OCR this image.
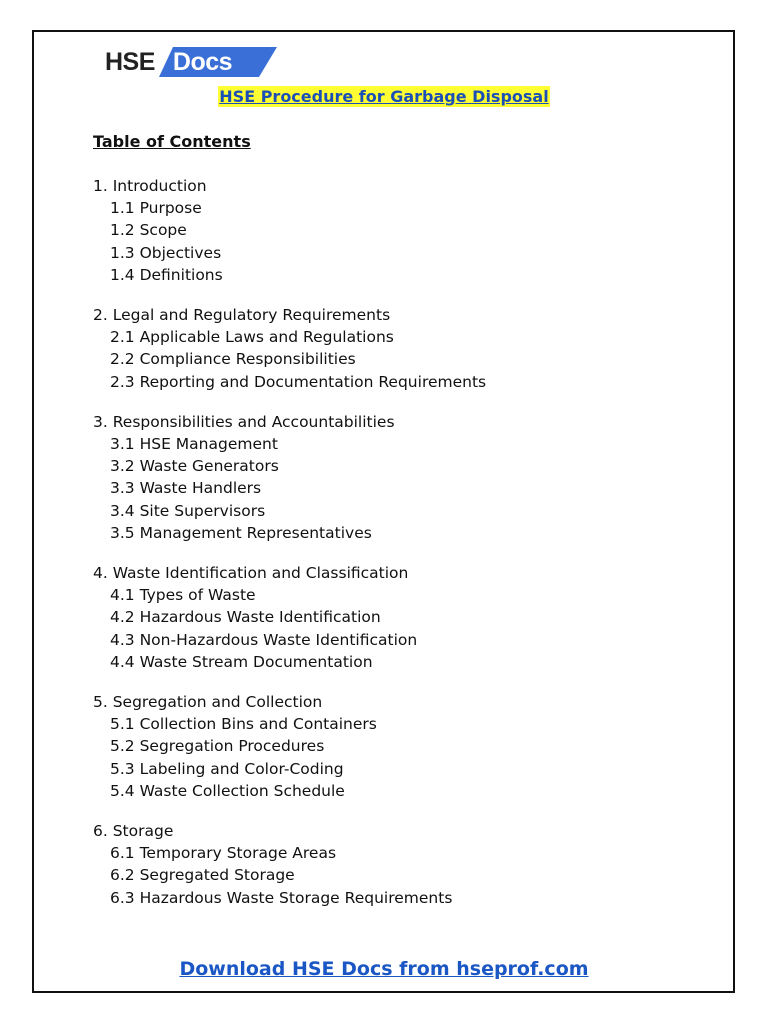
HSE Docs
HSE Procedure for Garbage Disposal
Table of Contents
1. Introduction
1.1 Purpose
1.2 Scope
1.3 Objectives
1.4 Definitions
2. Legal and Regulatory Requirements
2.1 Applicable Laws and Regulations
2.2 Compliance Responsibilities
2.3 Reporting and Documentation Requirements
3. Responsibilities and Accountabilities
3.1 HSE Management
3.2 Waste Generators
3.3 Waste Handlers
3.4 Site Supervisors
3.5 Management Representatives
4. Waste Identification and Classification
4.1 Types of Waste
4.2 Hazardous Waste Identification
4.3 Non-Hazardous Waste Identification
4.4 Waste Stream Documentation
5. Segregation and Collection
5.1 Collection Bins and Containers
5.2 Segregation Procedures
5.3 Labeling and Color-Coding
5.4 Waste Collection Schedule
6. Storage
6.1 Temporary Storage Areas
6.2 Segregated Storage
6.3 Hazardous Waste Storage Requirements
Download HSE Docs from hseprof.com
